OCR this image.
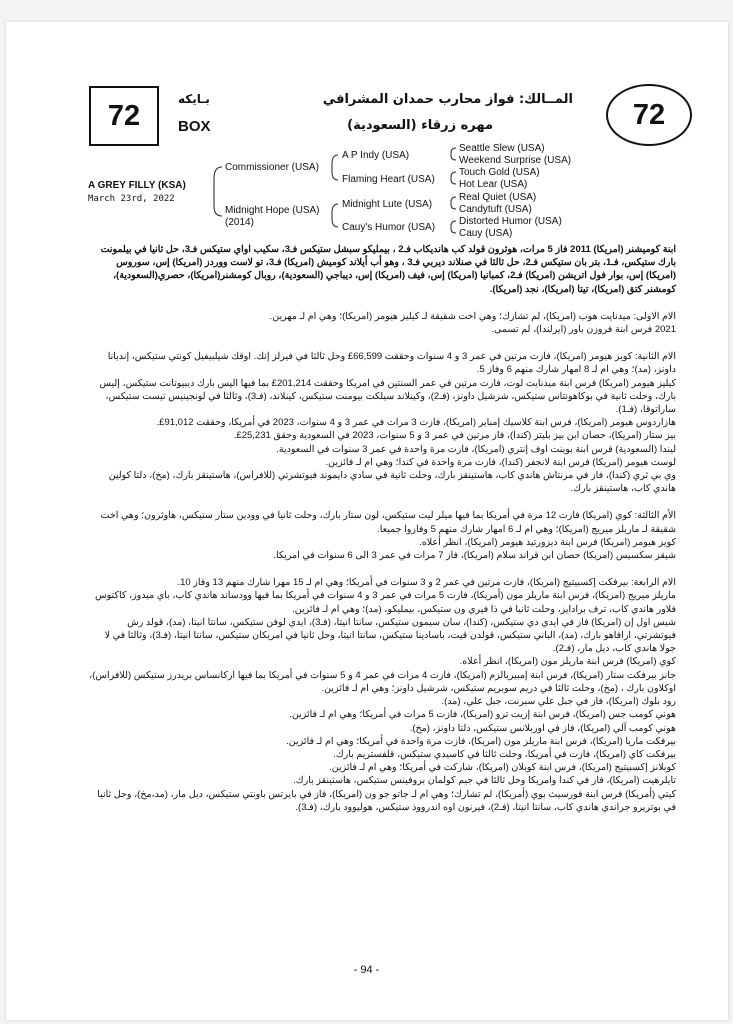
72
بـايكه
BOX	72
المــالك: فواز محارب حمدان المشرافي
مهره زرقاء (السعودية)
A GREY FILLY (KSA)
March 23rd, 2022
Commissioner (USA)
Midnight Hope (USA)
(2014)
A P Indy (USA)
Flaming Heart (USA)
Midnight Lute (USA)
Cauy's Humor (USA)
Seattle Slew (USA)
Weekend Surprise (USA)
Touch Gold (USA)
Hot Lear (USA)
Real Quiet (USA)
Candytuft (USA)
Distorted Humor (USA)
Cauy (USA)

ابنة كوميشنر (امريكا) 2011 فاز 5 مرات، هوثرون قولد كب هانديكاب فـ2 ، بيمليكو سبشل ستيكس فـ3، سكيب اواي ستيكس فـ3، حل ثانيا في بيلمونت بارك ستيكس، فـ1، بتر بان ستيكس فـ2، حل ثالثا في صنلاند ديربي فـ3 ، وهو أب أيلاند كوميش (امريكا) فـ3، تو لاست ووردز (امريكا) إس، سوروس (امريكا) إس، بوار فول اتريشن (امريكا) فـ2، كمبانيا (امريكا) إس، فيف (امريكا) إس، ديباجي (السعودية)، روبال كومشنر(امريكا)، حصري(السعودية)، كومشنر كتق (امريكا)، تيتا (امريكا)، نجد (امريكا).

الام الاولى: ميدنايت هوب (امريكا)، لم تشارك؛ وهي اخت شقيقة لـ كيليز هيومر (امريكا)؛ وهي ام لـ مهرين.

2021 فرس ابنة فروزن باور (ايرلندا)، لم تسمى.

الام الثانية: كويز هيومر (امريكا)، فازت مرتين في عمر 3 و 4 سنوات وحققت 66,599£ وحل ثالثا في فيرلز إنك. اوقك شيلبيفيل كونتي ستيكس، إنديانا داونز، (مد)؛ وهي ام لـ 8 امهار شارك منهم 6 وفاز 5.

كيليز هيومر (امريكا) فرس ابنة ميدنايت لوت، فازت مرتين في عمر السنتين في امريكا وحققت 201,214£ بما فيها اليس بارك ديبيوتانت ستيكس، إليس بارك، وحلت ثانية في بوكاهونتاس ستيكس، شرشيل داونز، (فـ2)، وكينلاند سيلكت بيومنت ستيكس، كينلاند، (فـ3)، وثالثا في لونجينيس تيست ستيكس، ساراتوقا، (فـ1).

هازاردوس هيومر (امريكا)، فرس ابنة كلاسيك إمباير (امريكا)، فازت 3 مرات في عمر 3 و 4 سنوات، 2023 في أمريكا، وحققت 91,012£.

بيز ستار (امريكا)، حصان ابن بيز بليتز (كندا)، فاز مرتين في عمر 3 و 5 سنوات، 2023 في السعودية وحقق 25,231£.

ليندا (السعودية) فرس ابنة بوينت اوف إنتري (امريكا)، فازت مرة واحدة في عمر 3 سنوات في السعودية.

لوست هيومر (امريكا) فرس ابنة لانجفر (كندا)، فازت مرة واحدة في كندا؛ وهي ام لـ فائزين.

وي بي ثري (كندا)، فاز في مرنتاش هاندي كاب، هاستينقز بارك، وحلت ثانية في سادي دايموند فيوتشرتي (للافراس)، هاستينقز بارك، (مخ)، دلتا كولين هاندي كاب، هاستينقز بارك.

الأم الثالثة: كوي (امريكا) فازت 12 مرة في أمريكا بما فيها ميلر ليت ستيكس، لون ستار بارك، وحلت ثانيا في وودين ستار ستيكس، هاوثرون؛ وهي اخت شقيقة لـ ماريلز ميريج (امريكا)؛ وهي ام لـ 6 امهار شارك منهم 5 وفازوا جميعا.

كويز هيومر (امريكا) فرس ابنة ديزورتيد هيومر (امريكا)، انظر أعلاه.

شيقز سكسيس (امريكا) حصان ابن قراند سلام (امريكا)، فاز 7 مرات في عمر 3 الى 6 سنوات في امريكا.

الام الرابعة: بيرفكت إكسبيتيج (امريكا)، فازت مرتين في عمر 2 و 3 سنوات في أمريكا؛ وهي ام لـ 15 مهرا شارك منهم 13 وفاز 10.

ماريلز ميريج (امريكا)، فرس ابنة ماريلز مون (أمريكا)، فازت 5 مرات في عمر 3 و 4 سنوات في أمريكا بما فيها وودساند هاندي كاب، باي ميدوز، كاكتوس فلاور هاندي كاب، ترف برادايز، وحلت ثانيا في ذا فيري ون ستيكس، بيمليكو، (مد)؛ وهي ام لـ فائزين.

شيس اول إن (امريكا) فاز في ايدي دي ستيكس، (كندا)، سان سيمون ستيكس، سانتا انيتا، (فـ3)، ايدي لوفن ستيكس، سانتا انيتا، (مد)، قولد رش فيوتشرتي، ارافاهو بارك، (مد)، الباني ستيكس، قولدن قيت، باسادينا ستيكس، سانتا انيتا، وحل ثانيا في امريكان ستيكس، سانتا انيتا، (فـ3)، وثالثا في لا جولا هاندي كاب، ديل مار، (فـ2).

كوي (امريكا) فرس ابنة ماريلز مون (امريكا)، انظر أعلاه.

جانز بيرفكت ستار (امريكا)، فرس ابنة إمبيريالزم (امريكا)، فازت 4 مرات في عمر 4 و 5 سنوات في أمريكا بما فيها اركانساس بريدرز ستيكس (للافراس)، اوكلاون بارك ، (مخ)، وحلت ثالثا في دريم سوبريم ستيكس، شرشيل داونز؛ وهي ام لـ فائزين.

رود بلوك (امريكا)، فاز في جبل علي سبرنت، جبل علي، (مد).

هوني كومب جس (امريكا)، فرس ابنة إزيت ترو (امريكا)، فازت 5 مرات في أمريكا؛ وهي ام لـ فائزين.

هوني كومب آلي (امريكا)، فاز في اوربلانس ستيكس، دلتا داونز، (مخ).

بيرفكت ماريا (امريكا)، فرس ابنة ماريلز مون (امريكا)، فازت مرة واحدة في أمريكا؛ وهي ام لـ فائزين.

بيرفكت كاي (امريكا)، فازت في أمريكا، وحلت ثالثا في كاسيدي ستيكس، قلفستريم بارك.

كوبلانز إكسبيتيج (امريكا)، فرس ابنة كوبلان (امريكا)، شاركت في أمريكا؛ وهي ام لـ فائزين.

تايلرهيت (امريكا)، فاز في كندا وامريكا وحل ثالثا في جيم كولمان بروفينس ستيكس، هاستينقز بارك.

كيتي (أمريكا) فرس ابنة فورسيث بوي (أمريكا)، لم تشارك؛ وهي ام لـ جاتو جو ون (امريكا)، فاز في بايرتس باونتي ستيكس، ديل مار، (مد،مخ)، وحل ثانيا في بوتريرو جراندي هاندي كاب، سانتا انيتا، (فـ2)، فيرنون اوه اندرووذ ستيكس، هوليوود بارك، (فـ3).

- 94 -
